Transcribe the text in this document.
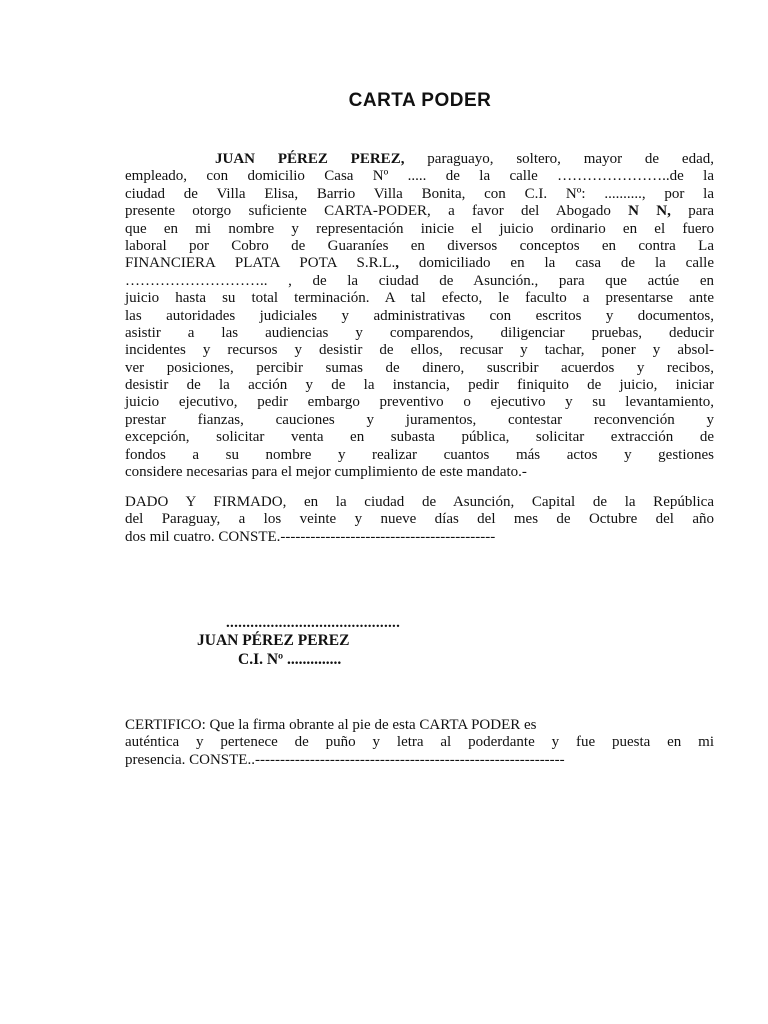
CARTA PODER
JUAN PÉREZ PEREZ, paraguayo, soltero, mayor de edad,
empleado, con domicilio Casa Nº ..... de la calle …………………..de la
ciudad de Villa Elisa, Barrio Villa Bonita, con C.I. Nº: .........., por la
presente otorgo suficiente CARTA-PODER, a favor del Abogado N N, para
que en mi nombre y representación inicie el juicio ordinario en el fuero
laboral por Cobro de Guaraníes en diversos conceptos en contra La
FINANCIERA PLATA POTA S.R.L., domiciliado en la casa de la calle
……………………….. , de la ciudad de Asunción., para que actúe en
juicio hasta su total terminación. A tal efecto, le faculto a presentarse ante
las autoridades judiciales y administrativas con escritos y documentos,
asistir a las audiencias y comparendos, diligenciar pruebas, deducir
incidentes y recursos y desistir de ellos, recusar y tachar, poner y absol-
ver posiciones, percibir sumas de dinero, suscribir acuerdos y recibos,
desistir de la acción y de la instancia, pedir finiquito de juicio, iniciar
juicio ejecutivo, pedir embargo preventivo o ejecutivo y su levantamiento,
prestar fianzas, cauciones y juramentos, contestar reconvención y
excepción, solicitar venta en subasta pública, solicitar extracción de
fondos a su nombre y realizar cuantos más actos y gestiones
considere necesarias para el mejor cumplimiento de este mandato.-
DADO Y FIRMADO, en la ciudad de Asunción, Capital de la República
del Paraguay, a los veinte y nueve días del mes de Octubre del año
dos mil cuatro. CONSTE.-------------------------------------------
...........................................
JUAN PÉREZ PEREZ
C.I. Nº ..............
CERTIFICO: Que la firma obrante al pie de esta CARTA PODER es
auténtica y pertenece de puño y letra al poderdante y fue puesta en mi
presencia. CONSTE..--------------------------------------------------------------
